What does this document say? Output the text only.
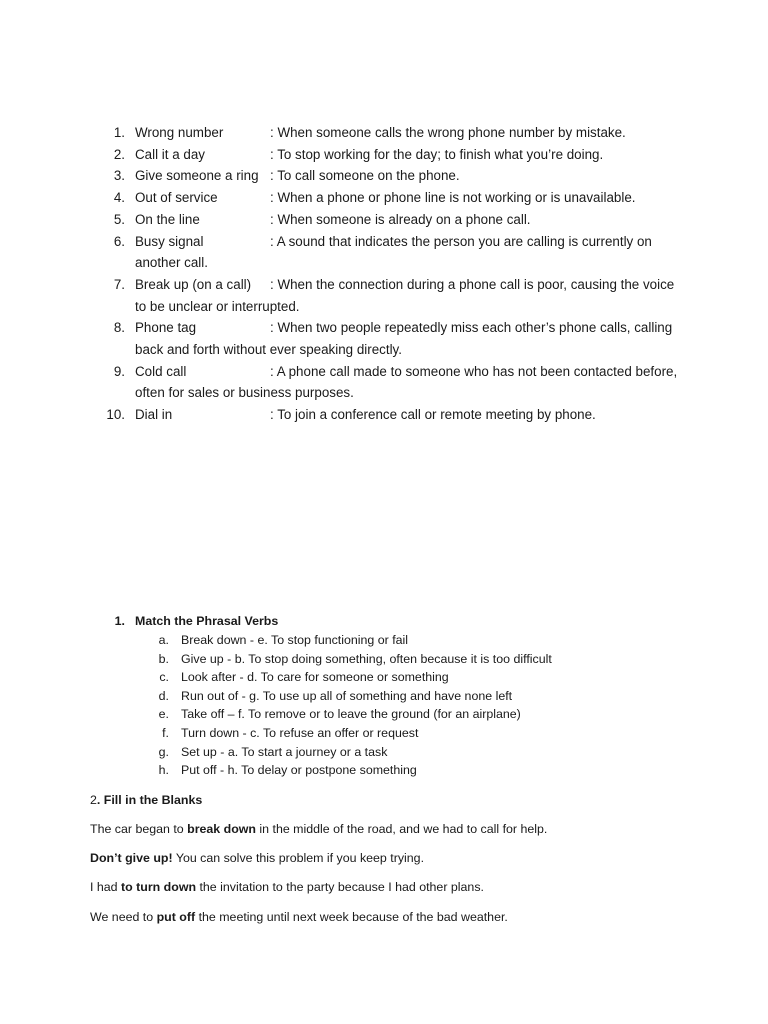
1. Wrong number	: When someone calls the wrong phone number by mistake.
2. Call it a day	: To stop working for the day; to finish what you’re doing.
3. Give someone a ring : To call someone on the phone.
4. Out of service	: When a phone or phone line is not working or is unavailable.
5. On the line	: When someone is already on a phone call.
6. Busy signal	: A sound that indicates the person you are calling is currently on another call.
7. Break up (on a call)	: When the connection during a phone call is poor, causing the voice to be unclear or interrupted.
8. Phone tag	: When two people repeatedly miss each other’s phone calls, calling back and forth without ever speaking directly.
9. Cold call	: A phone call made to someone who has not been contacted before, often for sales or business purposes.
10. Dial in	: To join a conference call or remote meeting by phone.
1. Match the Phrasal Verbs
a. Break down - e. To stop functioning or fail
b. Give up - b. To stop doing something, often because it is too difficult
c. Look after - d. To care for someone or something
d. Run out of - g. To use up all of something and have none left
e. Take off – f. To remove or to leave the ground (for an airplane)
f. Turn down - c. To refuse an offer or request
g. Set up - a. To start a journey or a task
h. Put off - h. To delay or postpone something
2. Fill in the Blanks

The car began to break down in the middle of the road, and we had to call for help.

Don’t give up! You can solve this problem if you keep trying.

I had to turn down the invitation to the party because I had other plans.

We need to put off the meeting until next week because of the bad weather.
